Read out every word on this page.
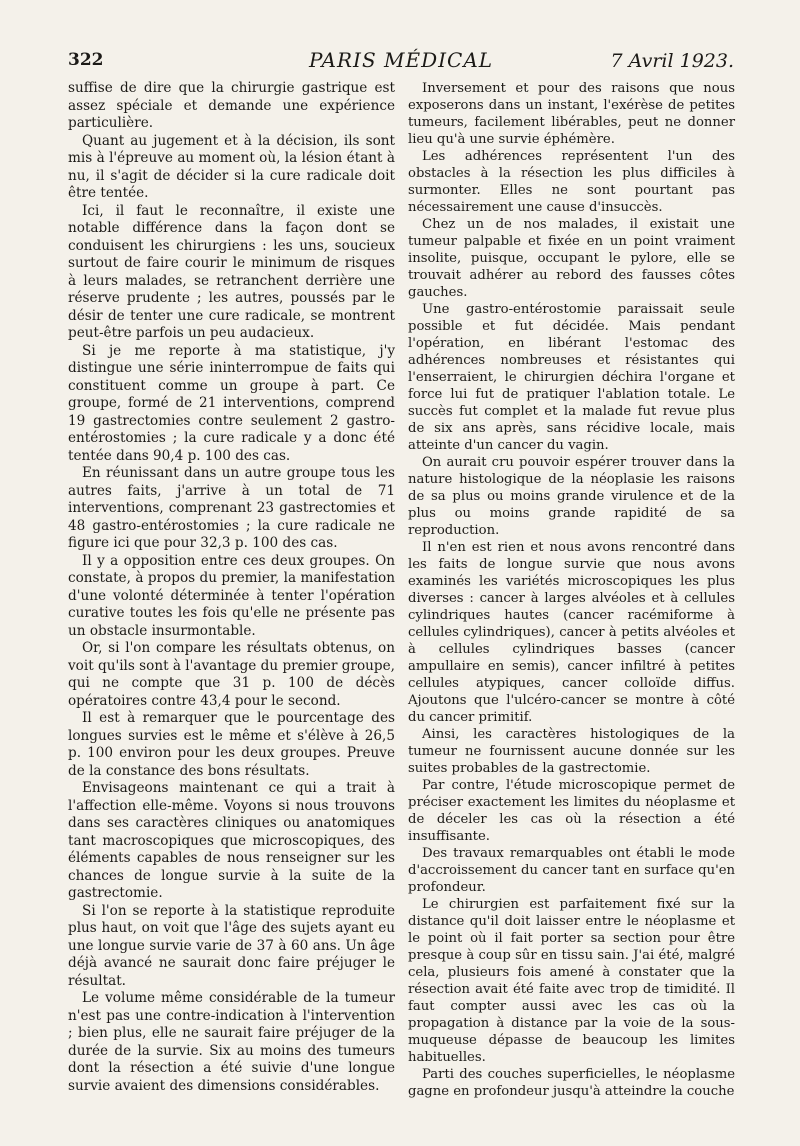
322	PARIS MÉDICAL	7 Avril 1923.

suffise de dire que la chirurgie gastrique est assez spéciale et demande une expérience particulière.

Quant au jugement et à la décision, ils sont mis à l'épreuve au moment où, la lésion étant à nu, il s'agit de décider si la cure radicale doit être tentée.

Ici, il faut le reconnaître, il existe une notable différence dans la façon dont se conduisent les chirurgiens : les uns, soucieux surtout de faire courir le minimum de risques à leurs malades, se retranchent derrière une réserve prudente ; les autres, poussés par le désir de tenter une cure radicale, se montrent peut-être parfois un peu audacieux.

Si je me reporte à ma statistique, j'y distingue une série ininterrompue de faits qui constituent comme un groupe à part. Ce groupe, formé de 21 interventions, comprend 19 gastrectomies contre seulement 2 gastro-entérostomies ; la cure radicale y a donc été tentée dans 90,4 p. 100 des cas.

En réunissant dans un autre groupe tous les autres faits, j'arrive à un total de 71 interventions, comprenant 23 gastrectomies et 48 gastro-entérostomies ; la cure radicale ne figure ici que pour 32,3 p. 100 des cas.

Il y a opposition entre ces deux groupes. On constate, à propos du premier, la manifestation d'une volonté déterminée à tenter l'opération curative toutes les fois qu'elle ne présente pas un obstacle insurmontable.

Or, si l'on compare les résultats obtenus, on voit qu'ils sont à l'avantage du premier groupe, qui ne compte que 31 p. 100 de décès opératoires contre 43,4 pour le second.

Il est à remarquer que le pourcentage des longues survies est le même et s'élève à 26,5 p. 100 environ pour les deux groupes. Preuve de la constance des bons résultats.

Envisageons maintenant ce qui a trait à l'affection elle-même. Voyons si nous trouvons dans ses caractères cliniques ou anatomiques tant macroscopiques que microscopiques, des éléments capables de nous renseigner sur les chances de longue survie à la suite de la gastrectomie.

Si l'on se reporte à la statistique reproduite plus haut, on voit que l'âge des sujets ayant eu une longue survie varie de 37 à 60 ans. Un âge déjà avancé ne saurait donc faire préjuger le résultat.

Le volume même considérable de la tumeur n'est pas une contre-indication à l'intervention ; bien plus, elle ne saurait faire préjuger de la durée de la survie. Six au moins des tumeurs dont la résection a été suivie d'une longue survie avaient des dimensions considérables.

Inversement et pour des raisons que nous exposerons dans un instant, l'exérèse de petites tumeurs, facilement libérables, peut ne donner lieu qu'à une survie éphémère.

Les adhérences représentent l'un des obstacles à la résection les plus difficiles à surmonter. Elles ne sont pourtant pas nécessairement une cause d'insuccès.

Chez un de nos malades, il existait une tumeur palpable et fixée en un point vraiment insolite, puisque, occupant le pylore, elle se trouvait adhérer au rebord des fausses côtes gauches.

Une gastro-entérostomie paraissait seule possible et fut décidée. Mais pendant l'opération, en libérant l'estomac des adhérences nombreuses et résistantes qui l'enserraient, le chirurgien déchira l'organe et force lui fut de pratiquer l'ablation totale. Le succès fut complet et la malade fut revue plus de six ans après, sans récidive locale, mais atteinte d'un cancer du vagin.

On aurait cru pouvoir espérer trouver dans la nature histologique de la néoplasie les raisons de sa plus ou moins grande virulence et de la plus ou moins grande rapidité de sa reproduction.

Il n'en est rien et nous avons rencontré dans les faits de longue survie que nous avons examinés les variétés microscopiques les plus diverses : cancer à larges alvéoles et à cellules cylindriques hautes (cancer racémiforme à cellules cylindriques), cancer à petits alvéoles et à cellules cylindriques basses (cancer ampullaire en semis), cancer infiltré à petites cellules atypiques, cancer colloïde diffus. Ajoutons que l'ulcéro-cancer se montre à côté du cancer primitif.

Ainsi, les caractères histologiques de la tumeur ne fournissent aucune donnée sur les suites probables de la gastrectomie.

Par contre, l'étude microscopique permet de préciser exactement les limites du néoplasme et de déceler les cas où la résection a été insuffisante.

Des travaux remarquables ont établi le mode d'accroissement du cancer tant en surface qu'en profondeur.

Le chirurgien est parfaitement fixé sur la distance qu'il doit laisser entre le néoplasme et le point où il fait porter sa section pour être presque à coup sûr en tissu sain. J'ai été, malgré cela, plusieurs fois amené à constater que la résection avait été faite avec trop de timidité. Il faut compter aussi avec les cas où la propagation à distance par la voie de la sous-muqueuse dépasse de beaucoup les limites habituelles.

Parti des couches superficielles, le néoplasme gagne en profondeur jusqu'à atteindre la couche
